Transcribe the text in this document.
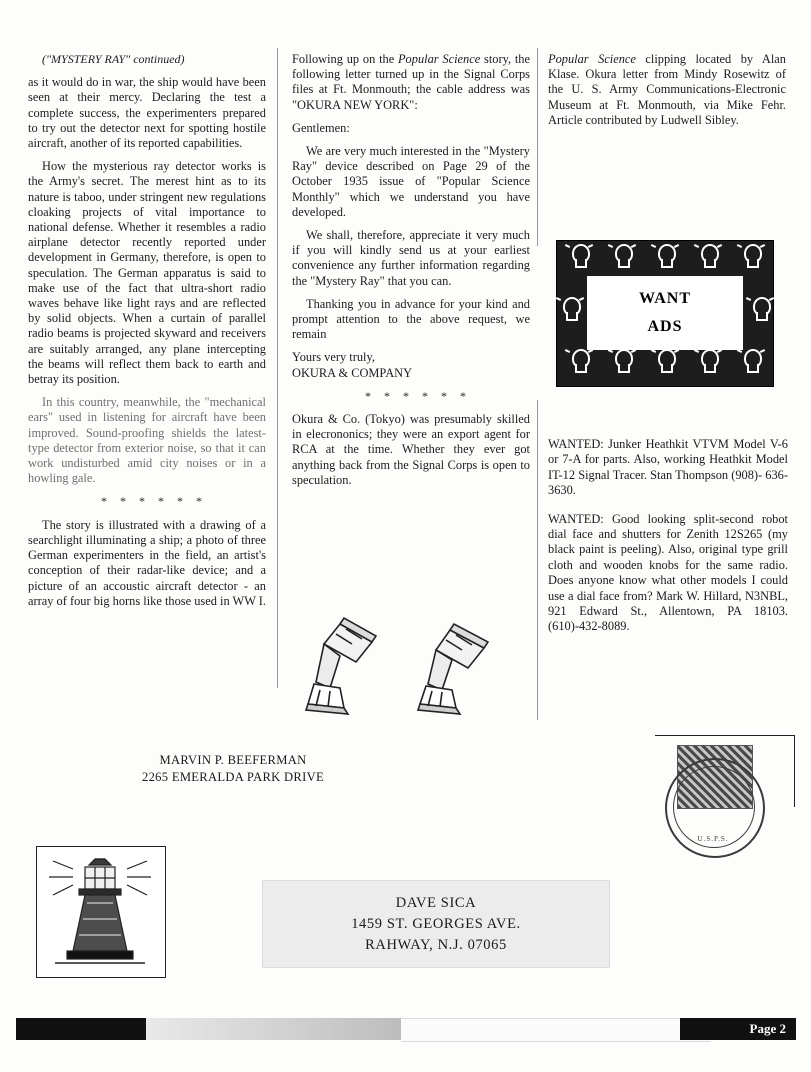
("MYSTERY RAY" continued)

as it would do in war, the ship would have been seen at their mercy. Declaring the test a complete success, the experimenters prepared to try out the detector next for spotting hostile aircraft, another of its reported capabilities.

How the mysterious ray detector works is the Army's secret. The merest hint as to its nature is taboo, under stringent new regulations cloaking projects of vital importance to national defense. Whether it resembles a radio airplane detector recently reported under development in Germany, therefore, is open to speculation. The German apparatus is said to make use of the fact that ultra-short radio waves behave like light rays and are reflected by solid objects. When a curtain of parallel radio beams is projected skyward and receivers are suitably arranged, any plane intercepting the beams will reflect them back to earth and betray its position.

In this country, meanwhile, the "mechanical ears" used in listening for aircraft have been improved. Sound-proofing shields the latest-type detector from exterior noise, so that it can work undisturbed amid city noises or in a howling gale.

* * * * * *

The story is illustrated with a drawing of a searchlight illuminating a ship; a photo of three German experimenters in the field, an artist's conception of their radar-like device; and a picture of an accoustic aircraft detector - an array of four big horns like those used in WW I.

Following up on the Popular Science story, the following letter turned up in the Signal Corps files at Ft. Monmouth; the cable address was "OKURA NEW YORK":

Gentlemen:

We are very much interested in the "Mystery Ray" device described on Page 29 of the October 1935 issue of "Popular Science Monthly" which we understand you have developed.

We shall, therefore, appreciate it very much if you will kindly send us at your earliest convenience any further information regarding the "Mystery Ray" that you can.

Thanking you in advance for your kind and prompt attention to the above request, we remain

Yours very truly,

OKURA & COMPANY

* * * * * *

Okura & Co. (Tokyo) was presumably skilled in elecrononics; they were an export agent for RCA at the time. Whether they ever got anything back from the Signal Corps is open to speculation.

Popular Science clipping located by Alan Klase. Okura letter from Mindy Rosewitz of the U. S. Army Communications-Electronic Museum at Ft. Monmouth, via Mike Fehr. Article contributed by Ludwell Sibley.

WANT
ADS

WANTED: Junker Heathkit VTVM Model V-6 or 7-A for parts. Also, working Heathkit Model IT-12 Signal Tracer. Stan Thompson (908)- 636-3630.

WANTED: Good looking split-second robot dial face and shutters for Zenith 12S265 (my black paint is peeling). Also, original type grill cloth and wooden knobs for the same radio. Does anyone know what other models I could use a dial face from? Mark W. Hillard, N3NBL, 921 Edward St., Allentown, PA 18103. (610)-432-8089.

MARVIN P. BEEFERMAN
2265 EMERALDA PARK DRIVE
DAVE SICA
1459 ST. GEORGES AVE.
RAHWAY, N.J. 07065
U.S.P.S.
Page 2
